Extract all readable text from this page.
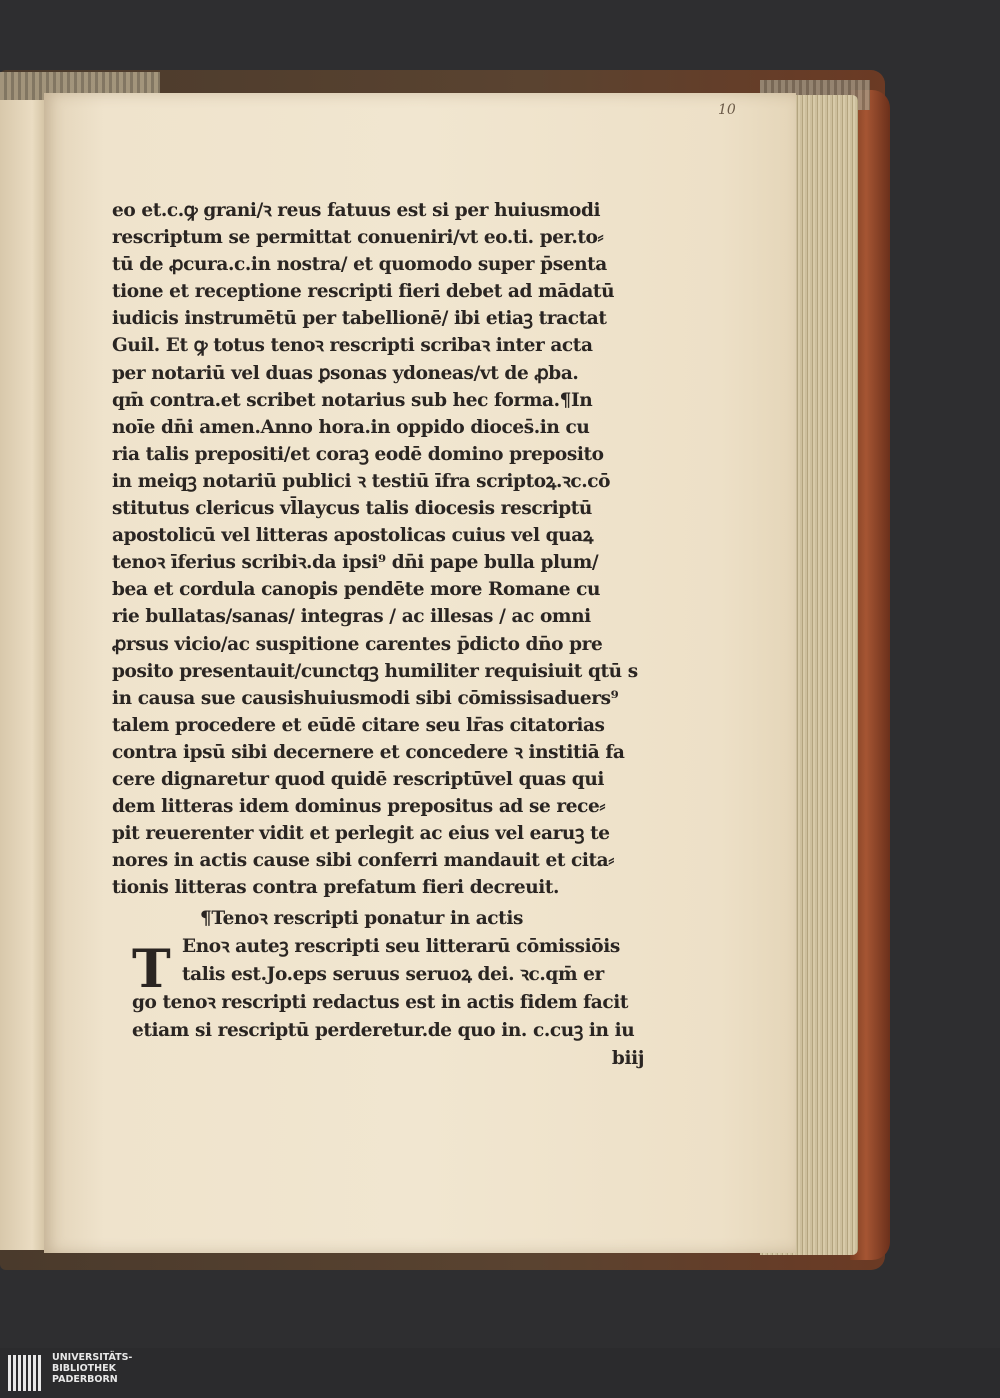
10
eo et.c.ꝙ grani/ꝛ reus fatuus est si per huiusmodi
rescriptum se permittat conueniri/vt eo.ti. per.to⸗
tū de ꝓcura.c.in nostra/ et quomodo super p̄senta
tione et receptione rescripti fieri debet ad mādatū
iudicis instrumētū per tabellionē/ ibi etiaꝫ tractat
Guil. Et ꝙ totus tenoꝛ rescripti scribaꝛ inter acta
per notariū vel duas ꝑsonas ydoneas/vt de ꝓba.
qm̄ contra.et scribet notarius sub hec forma.¶In
noīe dn̄i amen.Anno hora.in oppido dioces̄.in cu
ria talis prepositi/et coraꝫ eodē domino preposito
in meiqꝫ notariū publici ꝛ testiū īfra scriptoꝝ.ꝛc.cō
stitutus clericus vl̄laycus talis diocesis rescriptū
apostolicū vel litteras apostolicas cuius vel quaꝝ
tenoꝛ īferius scribiꝛ.da ipsi⁹ dn̄i pape bulla plum/
bea et cordula canopis pendēte more Romane cu
rie bullatas/sanas/ integras / ac illesas / ac omni
ꝓrsus vicio/ac suspitione carentes p̄dicto dn̄o pre
posito presentauit/cunctqꝫ humiliter requisiuit qtū s
in causa sue causishuiusmodi sibi cōmissisaduers⁹
talem procedere et eūdē citare seu lr̄as citatorias
contra ipsū sibi decernere et concedere ꝛ institiā fa
cere dignaretur quod quidē rescriptūvel quas qui
dem litteras idem dominus prepositus ad se rece⸗
pit reuerenter vidit et perlegit ac eius vel earuꝫ te
nores in actis cause sibi conferri mandauit et cita⸗
tionis litteras contra prefatum fieri decreuit.
¶Tenoꝛ rescripti ponatur in actis
Enoꝛ auteꝫ rescripti seu litterarū cōmissiōis
talis est.Jo.eps seruus seruoꝝ dei. ꝛc.qm̄ er
go tenoꝛ rescripti redactus est in actis fidem facit
etiam si rescriptū perderetur.de quo in. c.cuꝫ in iu
biij
T
UNIVERSITÄTS-
BIBLIOTHEK
PADERBORN
